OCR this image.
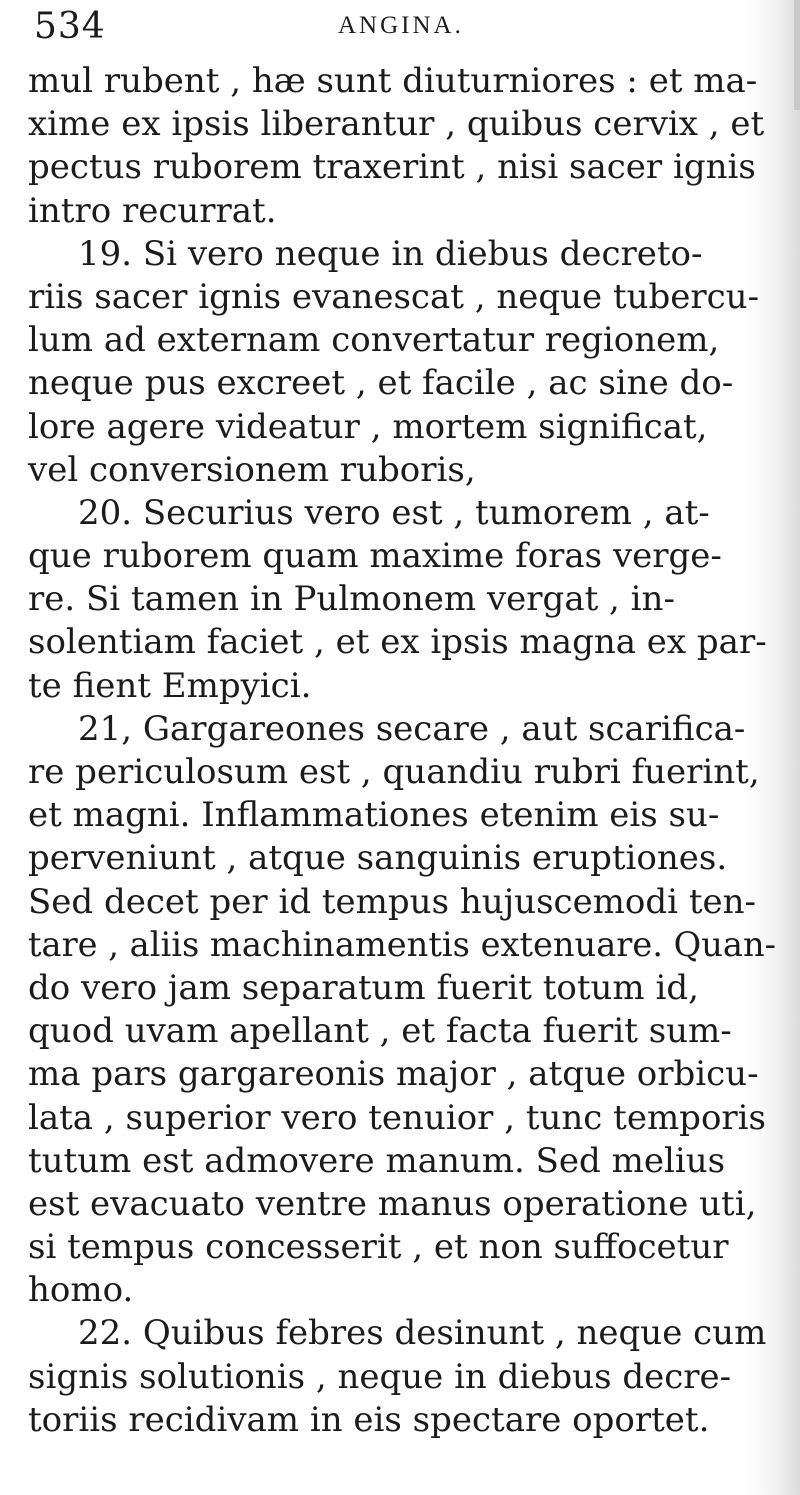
534	ANGINA.
mul rubent , hæ sunt diuturniores : et ma-
xime ex ipsis liberantur , quibus cervix , et
pectus ruborem traxerint , nisi sacer ignis
intro recurrat.
19. Si vero neque in diebus decreto-
riis sacer ignis evanescat , neque tubercu-
lum ad externam convertatur regionem,
neque pus excreet , et facile , ac sine do-
lore agere videatur , mortem significat,
vel conversionem ruboris,
20. Securius vero est , tumorem , at-
que ruborem quam maxime foras verge-
re. Si tamen in Pulmonem vergat , in-
solentiam faciet , et ex ipsis magna ex par-
te fient Empyici.
21, Gargareones secare , aut scarifica-
re periculosum est , quandiu rubri fuerint,
et magni. Inflammationes etenim eis su-
perveniunt , atque sanguinis eruptiones.
Sed decet per id tempus hujuscemodi ten-
tare , aliis machinamentis extenuare. Quan-
do vero jam separatum fuerit totum id,
quod uvam apellant , et facta fuerit sum-
ma pars gargareonis major , atque orbicu-
lata , superior vero tenuior , tunc temporis
tutum est admovere manum. Sed melius
est evacuato ventre manus operatione uti,
si tempus concesserit , et non suffocetur
homo.
22. Quibus febres desinunt , neque cum
signis solutionis , neque in diebus decre-
toriis recidivam in eis spectare oportet.
